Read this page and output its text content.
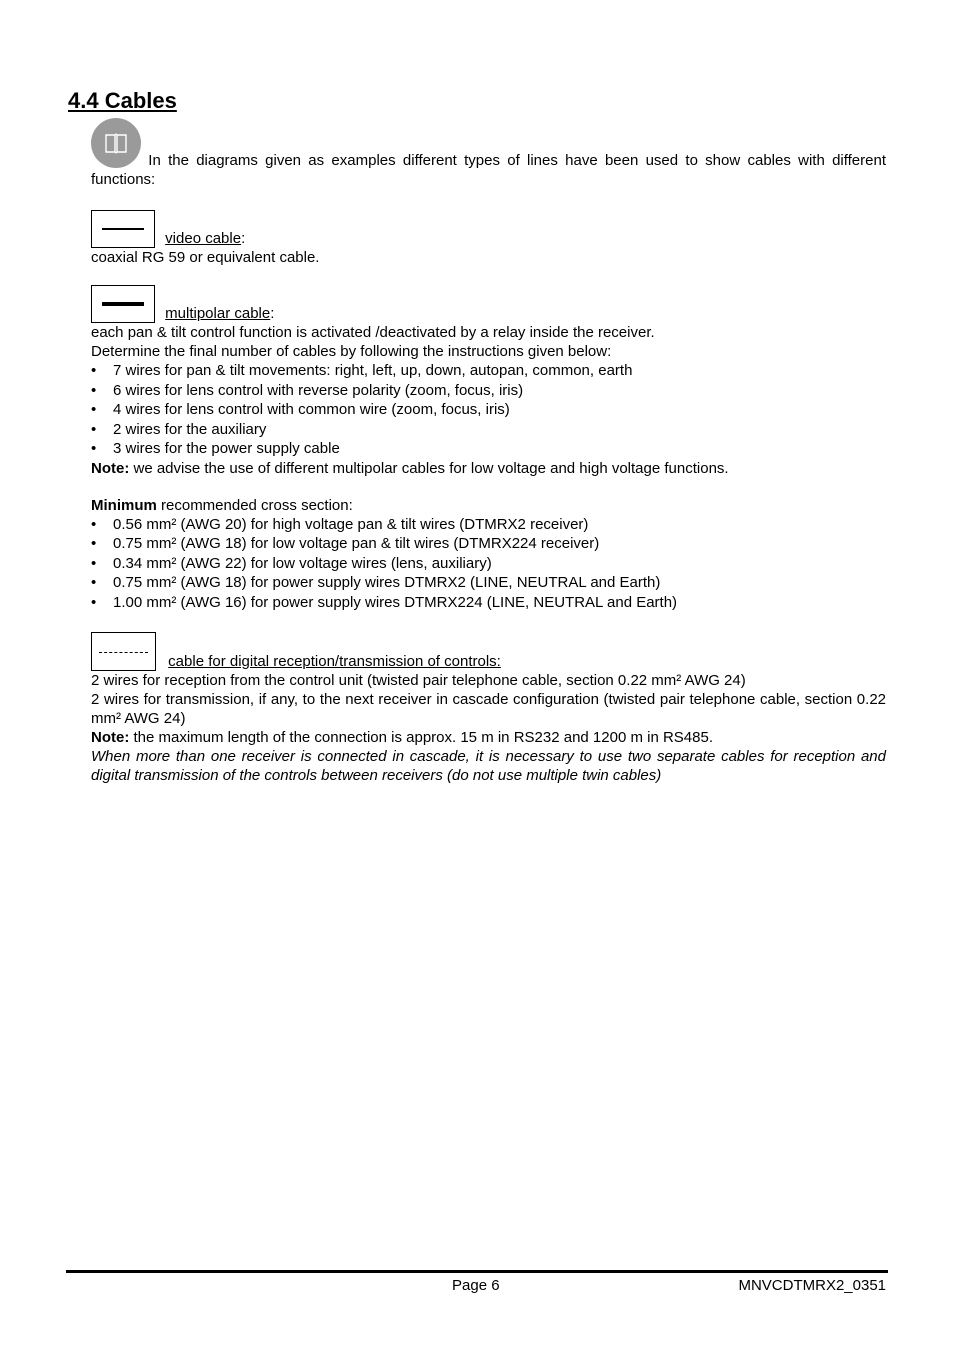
4.4 Cables
In the diagrams given as examples different types of lines have been used to show cables with different functions:
video cable:
coaxial RG 59 or equivalent cable.
multipolar cable:
each pan & tilt control function is activated /deactivated by a relay inside the receiver.
Determine the final number of cables by following the instructions given below:
• 7 wires for pan & tilt movements: right, left, up, down, autopan, common, earth
• 6 wires for lens control with reverse polarity (zoom, focus, iris)
• 4 wires for lens control with common wire (zoom, focus, iris)
• 2 wires for the auxiliary
• 3 wires for the power supply cable
Note: we advise the use of different multipolar cables for low voltage and high voltage functions.
Minimum recommended cross section:
• 0.56 mm² (AWG 20) for high voltage pan & tilt wires (DTMRX2 receiver)
• 0.75 mm² (AWG 18) for low voltage pan & tilt wires (DTMRX224 receiver)
• 0.34 mm² (AWG 22) for low voltage wires (lens, auxiliary)
• 0.75 mm² (AWG 18) for power supply wires DTMRX2 (LINE, NEUTRAL and Earth)
• 1.00 mm² (AWG 16) for power supply wires DTMRX224 (LINE, NEUTRAL and Earth)
cable for digital reception/transmission of controls:
2 wires for reception from the control unit (twisted pair telephone cable, section 0.22 mm² AWG 24)
2 wires for transmission, if any, to the next receiver in cascade configuration (twisted pair telephone cable, section 0.22 mm² AWG 24)
Note: the maximum length of the connection is approx. 15 m in RS232 and 1200 m in RS485.
When more than one receiver is connected in cascade, it is necessary to use two separate cables for reception and digital transmission of the controls between receivers (do not use multiple twin cables)
Page 6	MNVCDTMRX2_0351
